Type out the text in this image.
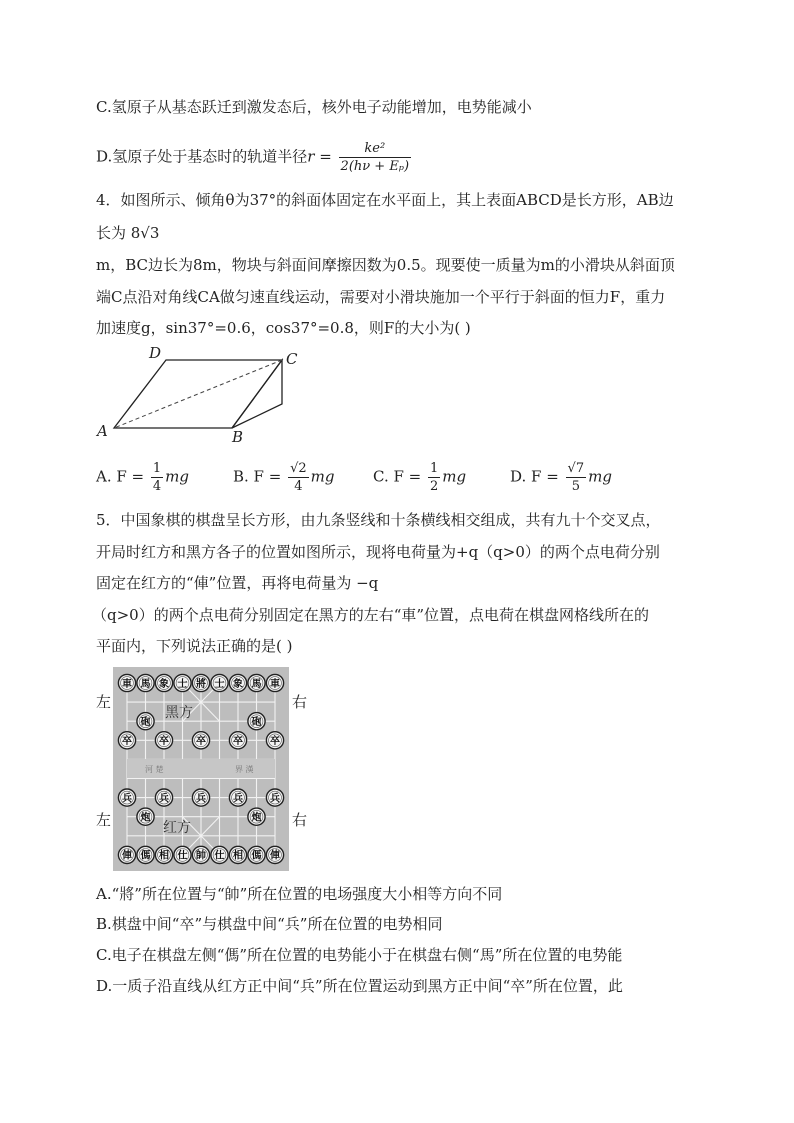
C.氢原子从基态跃迁到激发态后，核外电子动能增加，电势能减小
D.氢原子处于基态时的轨道半径$r = \frac{\text{ke²}}{\text{2(hν + Eₚ)}}$
4．如图所示、倾角θ为37°的斜面体固定在水平面上，其上表面ABCD是长方形，AB边
长为 8√3
m，BC边长为8m，物块与斜面间摩擦因数为0.5。现要使一质量为m的小滑块从斜面顶
端C点沿对角线CA做匀速直线运动，需要对小滑块施加一个平行于斜面的恒力F，重力
加速度g，sin37°=0.6，cos37°=0.8，则F的大小为( )
D	C
A	B
A. $F = \frac{1}{4}$ mg	B. $F = \frac{√2}{4}$ mg	C. $F = \frac{1}{2}$ mg	D. $F = \frac{√7}{5}$ mg
5．中国象棋的棋盘呈长方形，由九条竖线和十条横线相交组成，共有九十个交叉点，
开局时红方和黑方各子的位置如图所示，现将电荷量为+q（q>0）的两个点电荷分别
固定在红方的“俥”位置，再将电荷量为 −q
（q>0）的两个点电荷分别固定在黑方的左右“車”位置，点电荷在棋盘网格线所在的
平面内，下列说法正确的是( )
左	右
左	右
河 楚	界 漢
黑方
红方
車 馬 象 士 將 士 象 馬 車
砲	砲
卒	卒	卒	卒	卒
兵	兵	兵	兵	兵
炮	炮
俥 傌 相 仕 帥 仕 相 傌 俥
A.“將”所在位置与“帥”所在位置的电场强度大小相等方向不同
B.棋盘中间“卒”与棋盘中间“兵”所在位置的电势相同
C.电子在棋盘左侧“傌”所在位置的电势能小于在棋盘右侧“馬”所在位置的电势能
D.一质子沿直线从红方正中间“兵”所在位置运动到黑方正中间“卒”所在位置，此
